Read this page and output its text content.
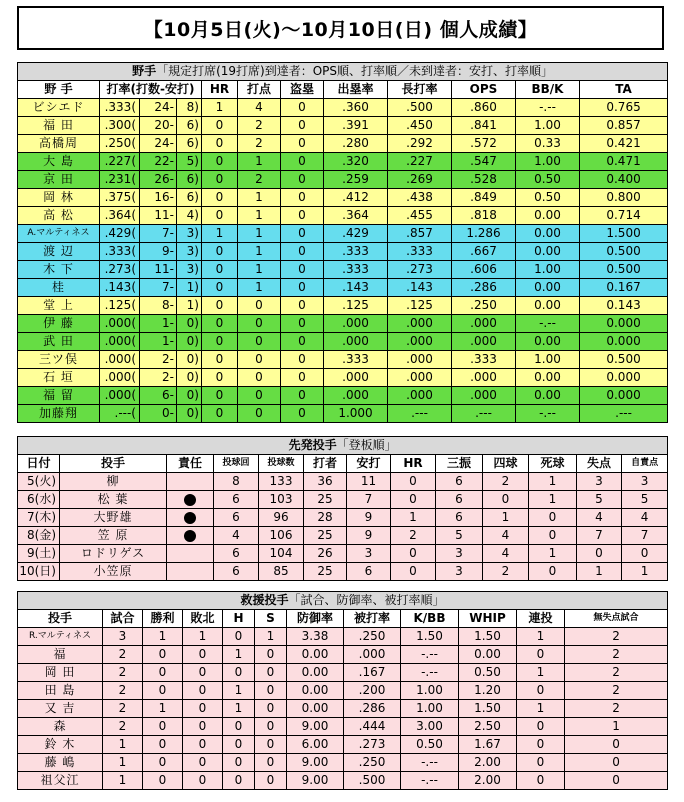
【10月5日(火)～10月10日(日) 個人成績】
野手「規定打席(19打席)到達者：OPS順、打率順／未到達者：安打、打率順」											
野 手	打率(打数-安打)			HR	打点	盗塁	出塁率	長打率	OPS	BB/K	TA
ビシエド	.333(	24-	8)	1	4	0	.360	.500	.860	-.--	0.765
福 田	.300(	20-	6)	0	2	0	.391	.450	.841	1.00	0.857
高橋周	.250(	24-	6)	0	2	0	.280	.292	.572	0.33	0.421
大 島	.227(	22-	5)	0	1	0	.320	.227	.547	1.00	0.471
京 田	.231(	26-	6)	0	2	0	.259	.269	.528	0.50	0.400
岡 林	.375(	16-	6)	0	1	0	.412	.438	.849	0.50	0.800
高 松	.364(	11-	4)	0	1	0	.364	.455	.818	0.00	0.714
A.マルティネス	.429(	7-	3)	1	1	0	.429	.857	1.286	0.00	1.500
渡 辺	.333(	9-	3)	0	1	0	.333	.333	.667	0.00	0.500
木 下	.273(	11-	3)	0	1	0	.333	.273	.606	1.00	0.500
桂	.143(	7-	1)	0	1	0	.143	.143	.286	0.00	0.167
堂 上	.125(	8-	1)	0	0	0	.125	.125	.250	0.00	0.143
伊 藤	.000(	1-	0)	0	0	0	.000	.000	.000	-.--	0.000
武 田	.000(	1-	0)	0	0	0	.000	.000	.000	0.00	0.000
三ツ俣	.000(	2-	0)	0	0	0	.333	.000	.333	1.00	0.500
石 垣	.000(	2-	0)	0	0	0	.000	.000	.000	0.00	0.000
福 留	.000(	6-	0)	0	0	0	.000	.000	.000	0.00	0.000
加藤翔	.---(	0-	0)	0	0	0	1.000	.---	.---	-.--	.---
先発投手「登板順」												
日付	投手	責任	投球回	投球数	打者	安打	HR	三振	四球	死球	失点	自責点
5(火)	柳		8	133	36	11	0	6	2	1	3	3
6(水)	松 葉		6	103	25	7	0	6	0	1	5	5
7(木)	大野雄		6	96	28	9	1	6	1	0	4	4
8(金)	笠 原		4	106	25	9	2	5	4	0	7	7
9(土)	ロドリゲス		6	104	26	3	0	3	4	1	0	0
10(日)	小笠原		6	85	25	6	0	3	2	0	1	1
救援投手「試合、防御率、被打率順」											
投手	試合	勝利	敗北	H	S	防御率	被打率	K/BB	WHIP	連投	無失点試合
R.マルティネス	3	1	1	0	1	3.38	.250	1.50	1.50	1	2
福	2	0	0	1	0	0.00	.000	-.--	0.00	0	2
岡 田	2	0	0	0	0	0.00	.167	-.--	0.50	1	2
田 島	2	0	0	1	0	0.00	.200	1.00	1.20	0	2
又 吉	2	1	0	1	0	0.00	.286	1.00	1.50	1	2
森	2	0	0	0	0	9.00	.444	3.00	2.50	0	1
鈴 木	1	0	0	0	0	6.00	.273	0.50	1.67	0	0
藤 嶋	1	0	0	0	0	9.00	.250	-.--	2.00	0	0
祖父江	1	0	0	0	0	9.00	.500	-.--	2.00	0	0
